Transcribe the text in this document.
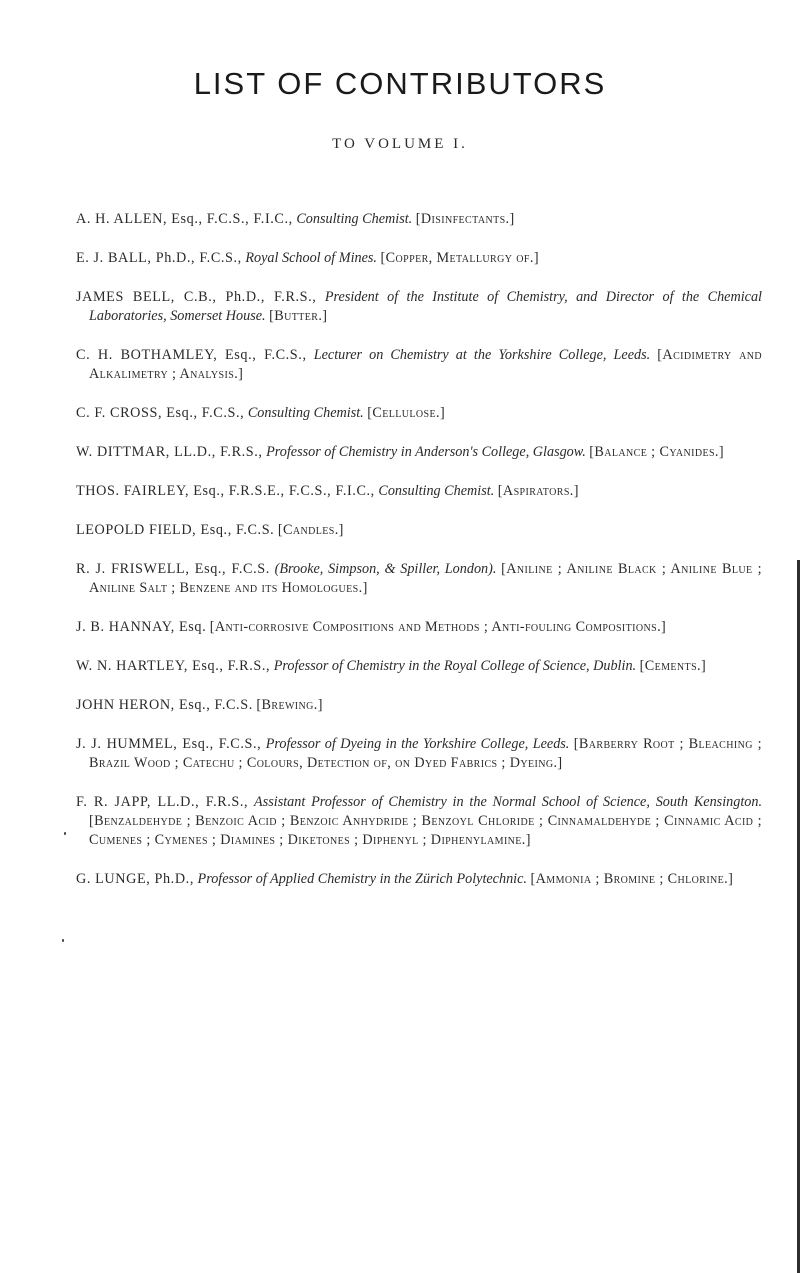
LIST OF CONTRIBUTORS
TO VOLUME I.

A. H. ALLEN, Esq., F.C.S., F.I.C., Consulting Chemist. [Disinfectants.]

E. J. BALL, Ph.D., F.C.S., Royal School of Mines. [Copper, Metallurgy of.]

JAMES BELL, C.B., Ph.D., F.R.S., President of the Institute of Chemistry, and Director of the Chemical Laboratories, Somerset House. [Butter.]

C. H. BOTHAMLEY, Esq., F.C.S., Lecturer on Chemistry at the Yorkshire College, Leeds. [Acidimetry and Alkalimetry ; Analysis.]

C. F. CROSS, Esq., F.C.S., Consulting Chemist. [Cellulose.]

W. DITTMAR, LL.D., F.R.S., Professor of Chemistry in Anderson's College, Glasgow. [Balance ; Cyanides.]

THOS. FAIRLEY, Esq., F.R.S.E., F.C.S., F.I.C., Consulting Chemist. [Aspirators.]

LEOPOLD FIELD, Esq., F.C.S. [Candles.]

R. J. FRISWELL, Esq., F.C.S. (Brooke, Simpson, & Spiller, London). [Aniline ; Aniline Black ; Aniline Blue ; Aniline Salt ; Benzene and its Homologues.]

J. B. HANNAY, Esq. [Anti-corrosive Compositions and Methods ; Anti-fouling Compositions.]

W. N. HARTLEY, Esq., F.R.S., Professor of Chemistry in the Royal College of Science, Dublin. [Cements.]

JOHN HERON, Esq., F.C.S. [Brewing.]

J. J. HUMMEL, Esq., F.C.S., Professor of Dyeing in the Yorkshire College, Leeds. [Barberry Root ; Bleaching ; Brazil Wood ; Catechu ; Colours, Detection of, on Dyed Fabrics ; Dyeing.]

F. R. JAPP, LL.D., F.R.S., Assistant Professor of Chemistry in the Normal School of Science, South Kensington. [Benzaldehyde ; Benzoic Acid ; Benzoic Anhydride ; Benzoyl Chloride ; Cinnamaldehyde ; Cinnamic Acid ; Cumenes ; Cymenes ; Diamines ; Diketones ; Diphenyl ; Diphenylamine.]

G. LUNGE, Ph.D., Professor of Applied Chemistry in the Zürich Polytechnic. [Ammonia ; Bromine ; Chlorine.]
